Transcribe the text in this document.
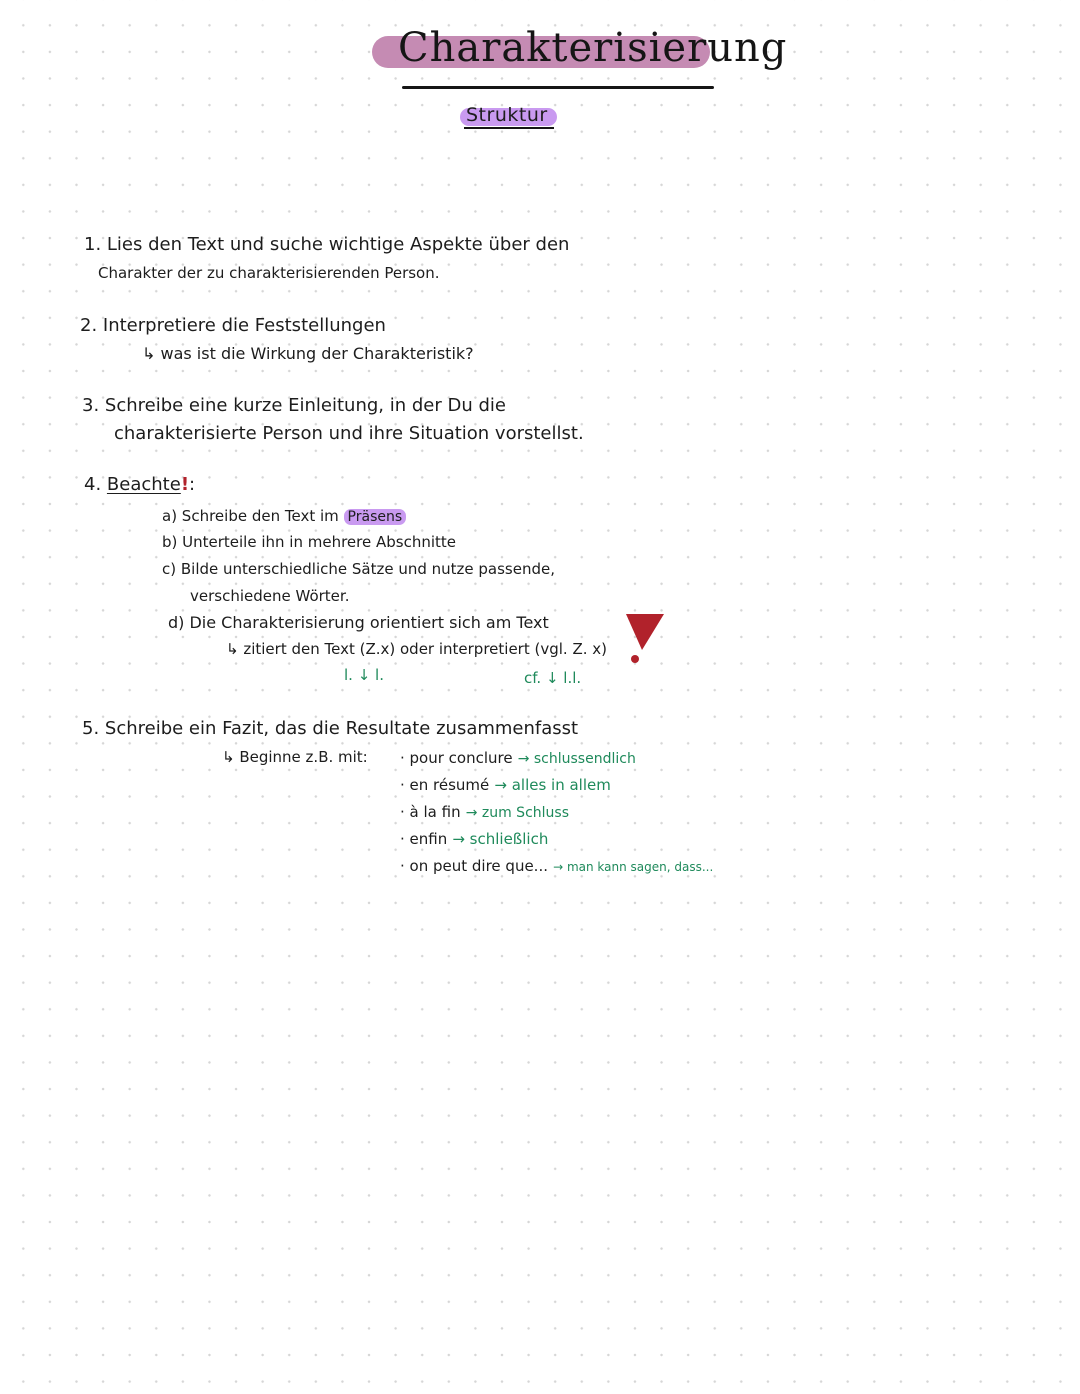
Charakterisierung
Struktur
1. Lies den Text und suche wichtige Aspekte über den
Charakter der zu charakterisierenden Person.
2. Interpretiere die Feststellungen
↳ was ist die Wirkung der Charakteristik?
3. Schreibe eine kurze Einleitung, in der Du die
charakterisierte Person und ihre Situation vorstellst.
4. Beachte!:
a) Schreibe den Text im Präsens
b) Unterteile ihn in mehrere Abschnitte
c) Bilde unterschiedliche Sätze und nutze passende,
verschiedene Wörter.
d) Die Charakterisierung orientiert sich am Text
↳ zitiert den Text (Z.x) oder interpretiert (vgl. Z. x)
l. ↓ l.	cf. ↓ l.l.
5. Schreibe ein Fazit, das die Resultate zusammenfasst
↳ Beginne z.B. mit: · pour conclure → schlussendlich
· en résumé → alles in allem
· à la fin → zum Schluss
· enfin → schließlich
· on peut dire que... → man kann sagen, dass...
